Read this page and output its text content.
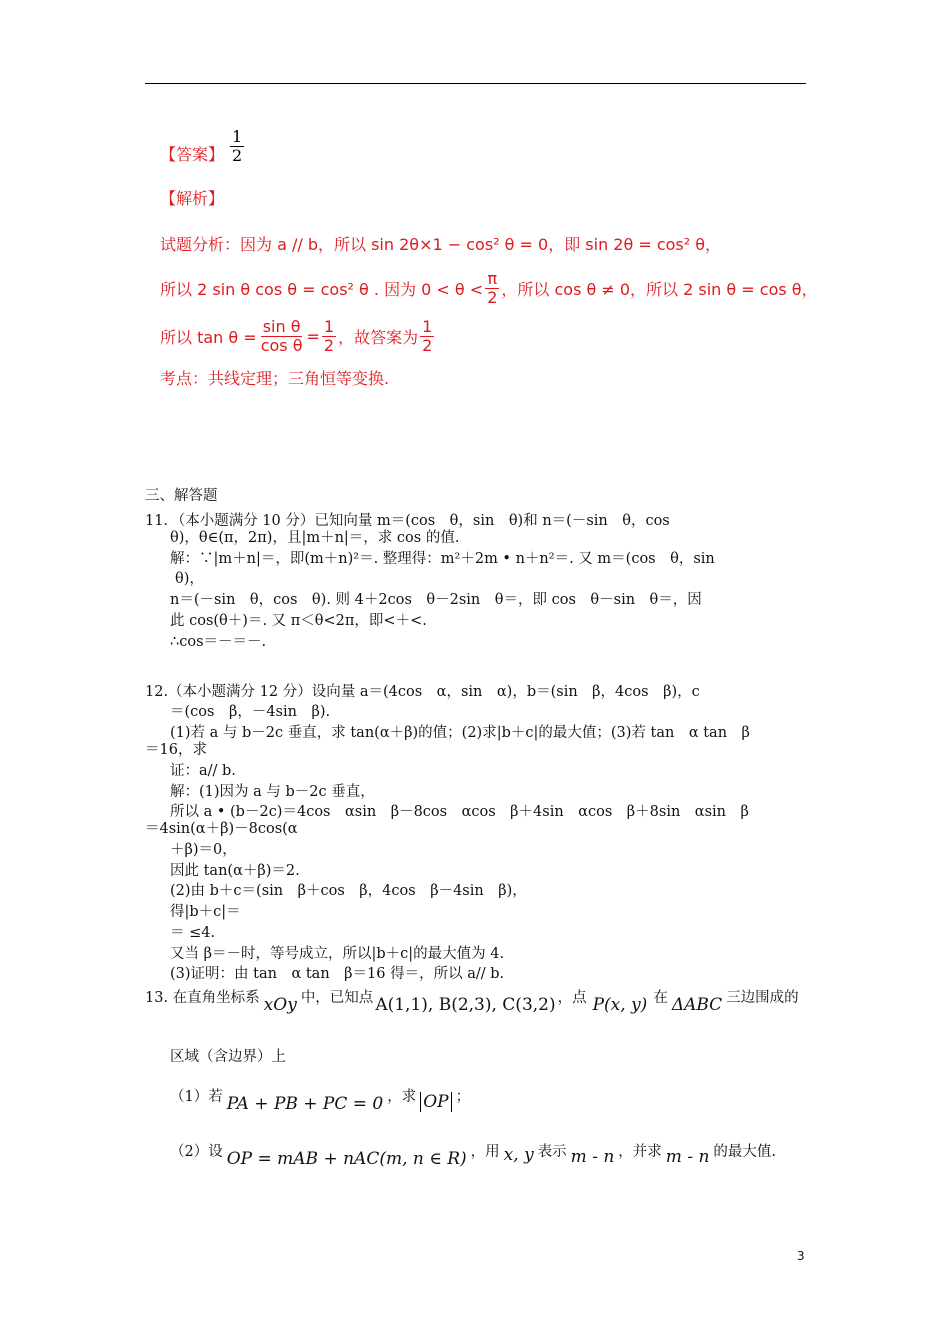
【答案】 $\frac{1}{2}$
【解析】
试题分析：因为 a // b，所以 sin 2θ×1 − cos² θ = 0，即 sin 2θ = cos² θ，
所以 2 sin θ cos θ = cos² θ . 因为 $0 < \theta < \frac{\pi}{2}$ ，所以 cos θ ≠ 0，所以 2 sin θ = cos θ，
所以 $\tan \theta = \frac{\text{sin θ}}{\text{cos θ}} = \frac{1}{2}$ ，故答案为 $\frac{1}{2}$
考点：共线定理；三角恒等变换.
三、解答题
11．（本小题满分 10 分）已知向量 m＝(cos　θ，sin　θ)和 n＝(－sin　θ，cos
θ)，θ∈(π，2π)，且|m＋n|＝，求 cos 的值.
解：∵|m＋n|＝，即(m＋n)²＝. 整理得：m²＋2m • n＋n²＝. 又 m＝(cos　θ，sin
θ)，
n＝(－sin　θ，cos　θ). 则 4＋2cos　θ－2sin　θ＝，即 cos　θ－sin　θ＝，因
此 cos(θ＋)＝. 又 π＜θ<2π，即<＋<.
∴cos＝－＝－.
12.（本小题满分 12 分）设向量 a＝(4cos　α，sin　α)，b＝(sin　β，4cos　β)，c
＝(cos　β，－4sin　β).
(1)若 a 与 b－2c 垂直，求 tan(α＋β)的值；(2)求|b＋c|的最大值；(3)若 tan　α tan　β
＝16，求
证：a// b.
解：(1)因为 a 与 b－2c 垂直，
所以 a • (b－2c)＝4cos　αsin　β－8cos　αcos　β＋4sin　αcos　β＋8sin　αsin　β
＝4sin(α＋β)－8cos(α
＋β)＝0，
因此 tan(α＋β)＝2.
(2)由 b＋c＝(sin　β＋cos　β，4cos　β－4sin　β)，
得|b＋c|＝
＝ ≤4.
又当 β＝－时，等号成立，所以|b＋c|的最大值为 4.
(3)证明：由 tan　α tan　β＝16 得＝，所以 a// b.
13. 在直角坐标系 xOy 中，已知点 A(1,1), B(2,3), C(3,2) ，点 P(x, y) 在 ΔABC 三边围成的
区域（含边界）上
（1）若 PA + PB + PC = 0 ，求 OP ；
（2）设 OP = mAB + nAC(m, n ∈ R) ，用 x, y 表示 m - n ，并求 m - n 的最大值.
3
